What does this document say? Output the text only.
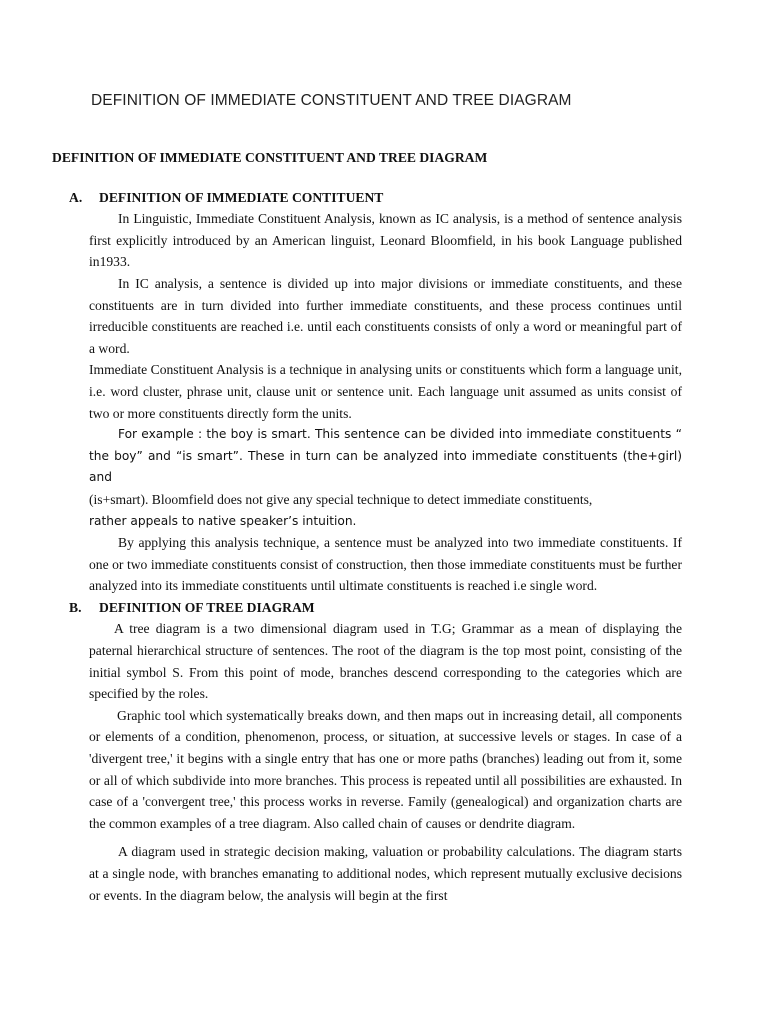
DEFINITION OF IMMEDIATE CONSTITUENT AND TREE DIAGRAM

DEFINITION OF IMMEDIATE CONSTITUENT AND TREE DIAGRAM

A. DEFINITION OF IMMEDIATE CONTITUENT

In Linguistic, Immediate Constituent Analysis, known as IC analysis, is a method of sentence analysis first explicitly introduced by an American linguist, Leonard Bloomfield, in his book Language published in1933.

In IC analysis, a sentence is divided up into major divisions or immediate constituents, and these constituents are in turn divided into further immediate constituents, and these process continues until irreducible constituents are reached i.e. until each constituents consists of only a word or meaningful part of a word.

Immediate Constituent Analysis is a technique in analysing units or constituents which form a language unit, i.e. word cluster, phrase unit, clause unit or sentence unit. Each language unit assumed as units consist of two or more constituents directly form the units.

For example : the boy is smart. This sentence can be divided into immediate constituents “ the boy” and “is smart”. These in turn can be analyzed into immediate constituents (the+girl) and

(is+smart). Bloomfield does not give any special technique to detect immediate constituents,

rather appeals to native speaker’s intuition.

By applying this analysis technique, a sentence must be analyzed into two immediate constituents. If one or two immediate constituents consist of construction, then those immediate constituents must be further analyzed into its immediate constituents until ultimate constituents is reached i.e single word.

B. DEFINITION OF TREE DIAGRAM

A tree diagram is a two dimensional diagram used in T.G; Grammar as a mean of displaying the paternal hierarchical structure of sentences. The root of the diagram is the top most point, consisting of the initial symbol S. From this point of mode, branches descend corresponding to the categories which are specified by the roles.

Graphic tool which systematically breaks down, and then maps out in increasing detail, all components or elements of a condition, phenomenon, process, or situation, at successive levels or stages. In case of a 'divergent tree,' it begins with a single entry that has one or more paths (branches) leading out from it, some or all of which subdivide into more branches. This process is repeated until all possibilities are exhausted. In case of a 'convergent tree,' this process works in reverse. Family (genealogical) and organization charts are the common examples of a tree diagram. Also called chain of causes or dendrite diagram.

A diagram used in strategic decision making, valuation or probability calculations. The diagram starts at a single node, with branches emanating to additional nodes, which represent mutually exclusive decisions or events. In the diagram below, the analysis will begin at the first
